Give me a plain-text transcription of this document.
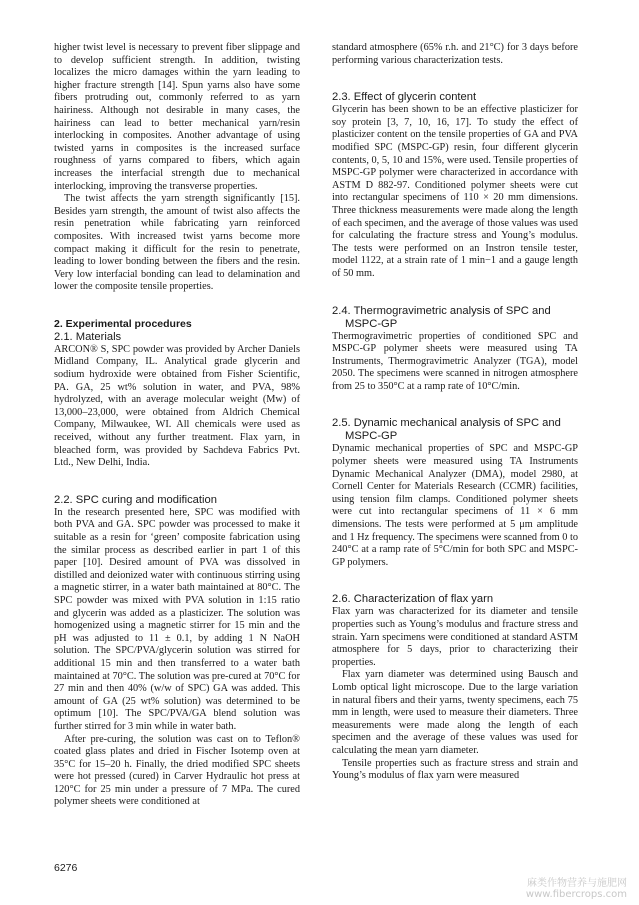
higher twist level is necessary to prevent fiber slippage and to develop sufficient strength. In addition, twisting localizes the micro damages within the yarn leading to higher fracture strength [14]. Spun yarns also have some fibers protruding out, commonly referred to as yarn hairiness. Although not desirable in many cases, the hairiness can lead to better mechanical yarn/resin interlocking in composites. Another advantage of using twisted yarns in composites is the increased surface roughness of yarns compared to fibers, which again increases the interfacial strength due to mechanical interlocking, improving the transverse properties.

The twist affects the yarn strength significantly [15]. Besides yarn strength, the amount of twist also affects the resin penetration while fabricating yarn reinforced composites. With increased twist yarns become more compact making it difficult for the resin to penetrate, leading to lower bonding between the fibers and the resin. Very low interfacial bonding can lead to delamination and lower the composite tensile properties.

2. Experimental procedures
2.1. Materials

ARCON® S, SPC powder was provided by Archer Daniels Midland Company, IL. Analytical grade glycerin and sodium hydroxide were obtained from Fisher Scientific, PA. GA, 25 wt% solution in water, and PVA, 98% hydrolyzed, with an average molecular weight (Mw) of 13,000–23,000, were obtained from Aldrich Chemical Company, Milwaukee, WI. All chemicals were used as received, without any further treatment. Flax yarn, in bleached form, was provided by Sachdeva Fabrics Pvt. Ltd., New Delhi, India.

2.2. SPC curing and modification

In the research presented here, SPC was modified with both PVA and GA. SPC powder was processed to make it suitable as a resin for ‘green’ composite fabrication using the similar process as described earlier in part 1 of this paper [10]. Desired amount of PVA was dissolved in distilled and deionized water with continuous stirring using a magnetic stirrer, in a water bath maintained at 80°C. The SPC powder was mixed with PVA solution in 1:15 ratio and glycerin was added as a plasticizer. The solution was homogenized using a magnetic stirrer for 15 min and the pH was adjusted to 11 ± 0.1, by adding 1 N NaOH solution. The SPC/PVA/glycerin solution was stirred for additional 15 min and then transferred to a water bath maintained at 70°C. The solution was pre-cured at 70°C for 27 min and then 40% (w/w of SPC) GA was added. This amount of GA (25 wt% solution) was determined to be optimum [10]. The SPC/PVA/GA blend solution was further stirred for 3 min while in water bath.

After pre-curing, the solution was cast on to Teflon® coated glass plates and dried in Fischer Isotemp oven at 35°C for 15–20 h. Finally, the dried modified SPC sheets were hot pressed (cured) in Carver Hydraulic hot press at 120°C for 25 min under a pressure of 7 MPa. The cured polymer sheets were conditioned at

standard atmosphere (65% r.h. and 21°C) for 3 days before performing various characterization tests.

2.3. Effect of glycerin content

Glycerin has been shown to be an effective plasticizer for soy protein [3, 7, 10, 16, 17]. To study the effect of plasticizer content on the tensile properties of GA and PVA modified SPC (MSPC-GP) resin, four different glycerin contents, 0, 5, 10 and 15%, were used. Tensile properties of MSPC-GP polymer were characterized in accordance with ASTM D 882-97. Conditioned polymer sheets were cut into rectangular specimens of 110 × 20 mm dimensions. Three thickness measurements were made along the length of each specimen, and the average of those values was used for calculating the fracture stress and Young’s modulus. The tests were performed on an Instron tensile tester, model 1122, at a strain rate of 1 min−1 and a gauge length of 50 mm.

2.4. Thermogravimetric analysis of SPC and MSPC-GP

Thermogravimetric properties of conditioned SPC and MSPC-GP polymer sheets were measured using TA Instruments, Thermogravimetric Analyzer (TGA), model 2050. The specimens were scanned in nitrogen atmosphere from 25 to 350°C at a ramp rate of 10°C/min.

2.5. Dynamic mechanical analysis of SPC and MSPC-GP

Dynamic mechanical properties of SPC and MSPC-GP polymer sheets were measured using TA Instruments Dynamic Mechanical Analyzer (DMA), model 2980, at Cornell Center for Materials Research (CCMR) facilities, using tension film clamps. Conditioned polymer sheets were cut into rectangular specimens of 11 × 6 mm dimensions. The tests were performed at 5 μm amplitude and 1 Hz frequency. The specimens were scanned from 0 to 240°C at a ramp rate of 5°C/min for both SPC and MSPC-GP polymers.

2.6. Characterization of flax yarn

Flax yarn was characterized for its diameter and tensile properties such as Young’s modulus and fracture stress and strain. Yarn specimens were conditioned at standard ASTM atmosphere for 5 days, prior to characterizing their properties.

Flax yarn diameter was determined using Bausch and Lomb optical light microscope. Due to the large variation in natural fibers and their yarns, twenty specimens, each 75 mm in length, were used to measure their diameters. Three measurements were made along the length of each specimen and the average of these values was used for calculating the mean yarn diameter.

Tensile properties such as fracture stress and strain and Young’s modulus of flax yarn were measured

6276
麻类作物营养与施肥网
www.fibercrops.com
